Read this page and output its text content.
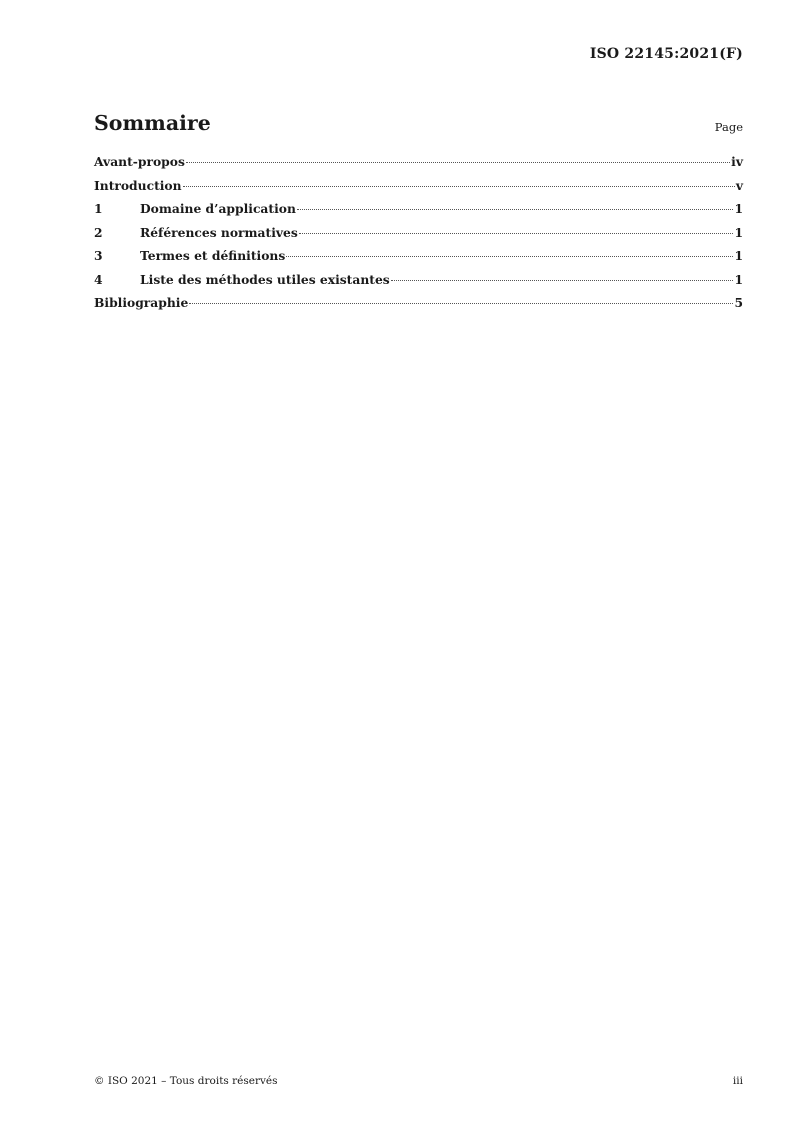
ISO 22145:2021(F)
Sommaire	Page
Avant-propos	iv
Introduction	v
1	Domaine d’application	1
2	Références normatives	1
3	Termes et définitions	1
4	Liste des méthodes utiles existantes	1
Bibliographie	5
© ISO 2021 – Tous droits réservés	iii
